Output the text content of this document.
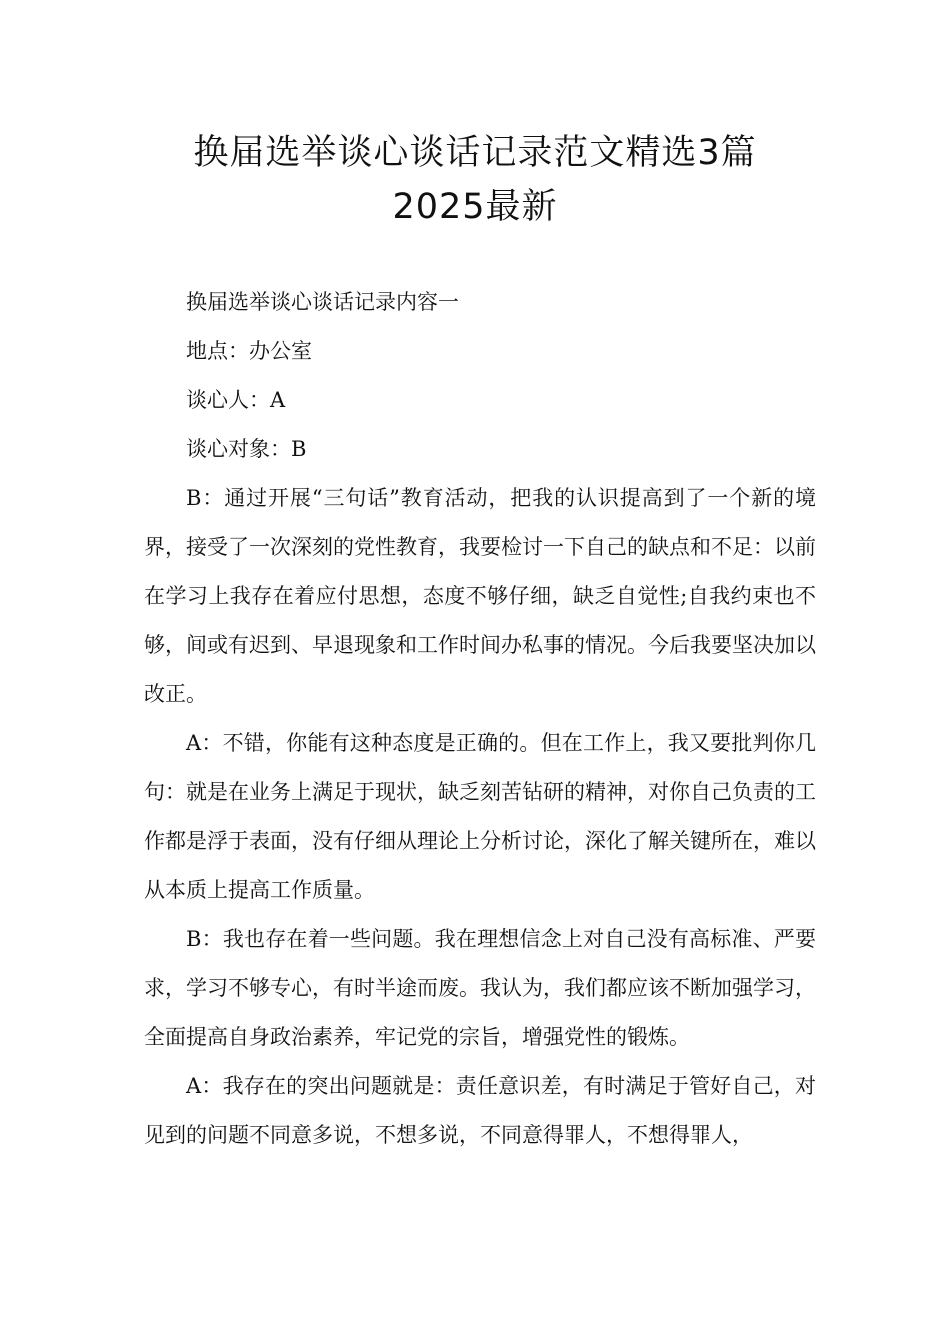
换届选举谈心谈话记录范文精选3篇
2025最新

换届选举谈心谈话记录内容一

地点：办公室

谈心人：A

谈心对象：B

B：通过开展“三句话”教育活动，把我的认识提高到了一个新的境界，接受了一次深刻的党性教育，我要检讨一下自己的缺点和不足：以前在学习上我存在着应付思想，态度不够仔细，缺乏自觉性;自我约束也不够，间或有迟到、早退现象和工作时间办私事的情况。今后我要坚决加以改正。

A：不错，你能有这种态度是正确的。但在工作上，我又要批判你几句：就是在业务上满足于现状，缺乏刻苦钻研的精神，对你自己负责的工作都是浮于表面，没有仔细从理论上分析讨论，深化了解关键所在，难以从本质上提高工作质量。

B：我也存在着一些问题。我在理想信念上对自己没有高标准、严要求，学习不够专心，有时半途而废。我认为，我们都应该不断加强学习，全面提高自身政治素养，牢记党的宗旨，增强党性的锻炼。

A：我存在的突出问题就是：责任意识差，有时满足于管好自己，对见到的问题不同意多说，不想多说，不同意得罪人，不想得罪人，
